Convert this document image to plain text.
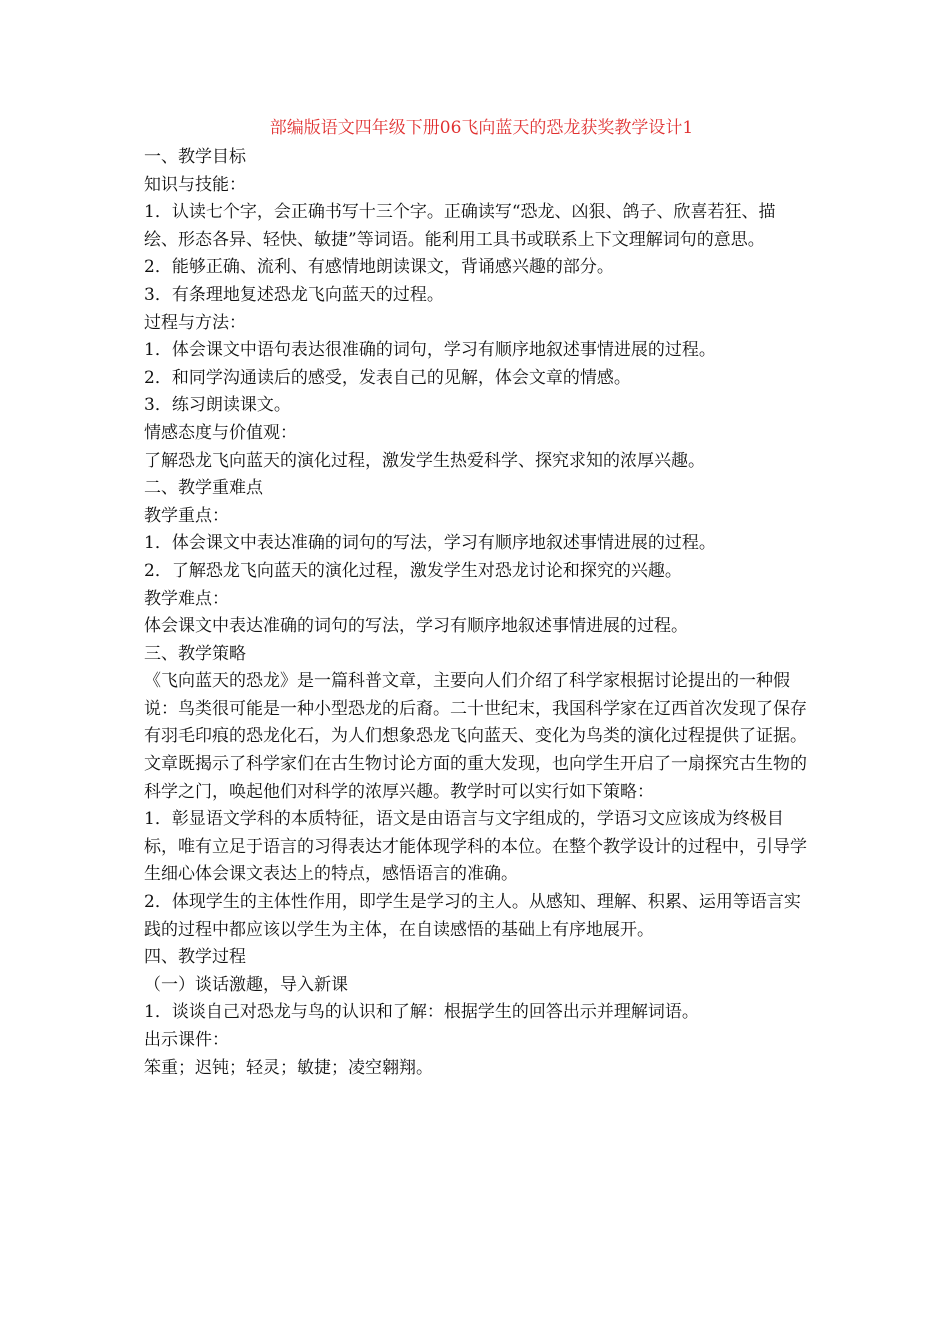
部编版语文四年级下册06飞向蓝天的恐龙获奖教学设计1

一、教学目标

知识与技能：

1．认读七个字，会正确书写十三个字。正确读写“恐龙、凶狠、鸽子、欣喜若狂、描绘、形态各异、轻快、敏捷”等词语。能利用工具书或联系上下文理解词句的意思。

2．能够正确、流利、有感情地朗读课文，背诵感兴趣的部分。

3．有条理地复述恐龙飞向蓝天的过程。

过程与方法：

1．体会课文中语句表达很准确的词句，学习有顺序地叙述事情进展的过程。

2．和同学沟通读后的感受，发表自己的见解，体会文章的情感。

3．练习朗读课文。

情感态度与价值观：

了解恐龙飞向蓝天的演化过程，激发学生热爱科学、探究求知的浓厚兴趣。

二、教学重难点

教学重点：

1．体会课文中表达准确的词句的写法，学习有顺序地叙述事情进展的过程。

2．了解恐龙飞向蓝天的演化过程，激发学生对恐龙讨论和探究的兴趣。

教学难点：

体会课文中表达准确的词句的写法，学习有顺序地叙述事情进展的过程。

三、教学策略

《飞向蓝天的恐龙》是一篇科普文章，主要向人们介绍了科学家根据讨论提出的一种假说：鸟类很可能是一种小型恐龙的后裔。二十世纪末，我国科学家在辽西首次发现了保存有羽毛印痕的恐龙化石，为人们想象恐龙飞向蓝天、变化为鸟类的演化过程提供了证据。文章既揭示了科学家们在古生物讨论方面的重大发现，也向学生开启了一扇探究古生物的科学之门，唤起他们对科学的浓厚兴趣。教学时可以实行如下策略：

1．彰显语文学科的本质特征，语文是由语言与文字组成的，学语习文应该成为终极目标，唯有立足于语言的习得表达才能体现学科的本位。在整个教学设计的过程中，引导学生细心体会课文表达上的特点，感悟语言的准确。

2．体现学生的主体性作用，即学生是学习的主人。从感知、理解、积累、运用等语言实践的过程中都应该以学生为主体，在自读感悟的基础上有序地展开。

四、教学过程

（一）谈话激趣，导入新课

1．谈谈自己对恐龙与鸟的认识和了解：根据学生的回答出示并理解词语。

出示课件：

笨重；迟钝；轻灵；敏捷；凌空翱翔。
